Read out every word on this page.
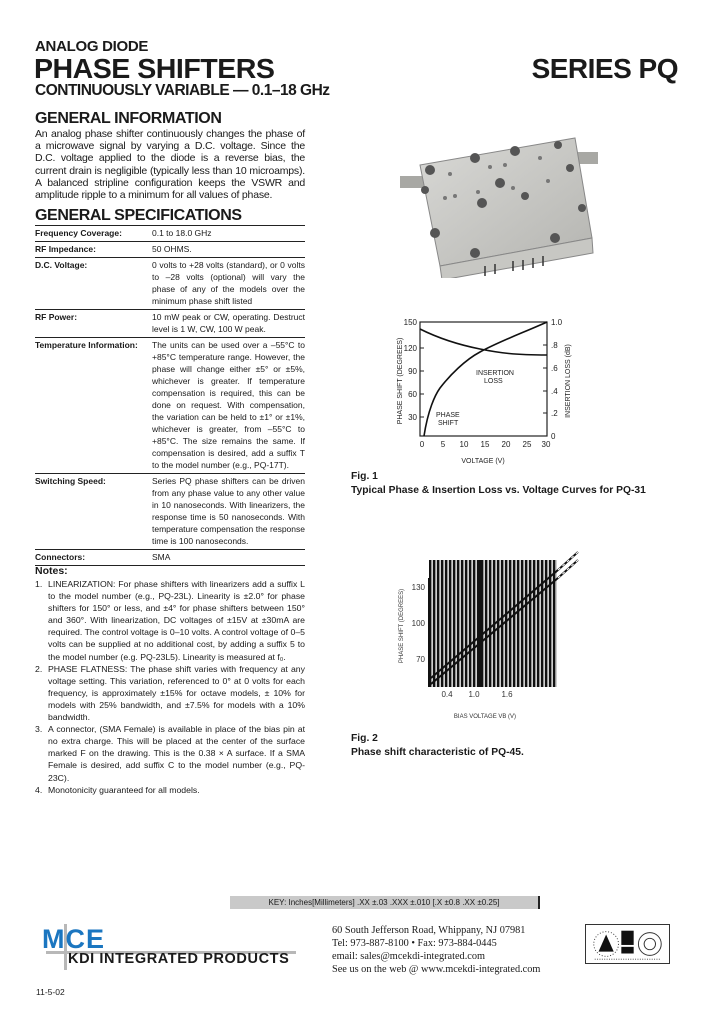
ANALOG DIODE
PHASE SHIFTERS	SERIES PQ
CONTINUOUSLY VARIABLE — 0.1–18 GHz
GENERAL INFORMATION
An analog phase shifter continuously changes the phase of a microwave signal by varying a D.C. voltage. Since the D.C. voltage applied to the diode is a reverse bias, the current drain is negligible (typically less than 10 microamps). A balanced stripline configuration keeps the VSWR and amplitude ripple to a minimum for all values of phase.
GENERAL SPECIFICATIONS
Frequency Coverage:	0.1 to 18.0 GHz
RF Impedance:	50 OHMS.
D.C. Voltage:	0 volts to +28 volts (standard), or 0 volts to –28 volts (optional) will vary the phase of any of the models over the minimum phase shift listed
RF Power:	10 mW peak or CW, operating. Destruct level is 1 W, CW, 100 W peak.
Temperature Information:	The units can be used over a –55°C to +85°C temperature range. However, the phase will change either ±5° or ±5%, whichever is greater. If temperature compensation is required, this can be done on request. With compensation, the variation can be held to ±1° or ±1%, whichever is greater, from –55°C to +85°C. The size remains the same. If compensation is desired, add a suffix T to the model number (e.g., PQ-17T).
Switching Speed:	Series PQ phase shifters can be driven from any phase value to any other value in 10 nanoseconds. With linearizers, the response time is 50 nanoseconds. With temperature compensation the response time is 100 nanoseconds.
Connectors:	SMA
Notes:
1. LINEARIZATION: For phase shifters with linearizers add a suffix L to the model number (e.g., PQ-23L). Linearity is ±2.0° for phase shifters for 150° or less, and ±4° for phase shifters between 150° and 360°. With linearization, DC voltages of ±15V at ±30mA are required. The control voltage is 0–10 volts. A control voltage of 0–5 volts can be supplied at no additional cost, by adding a suffix 5 to the model number (e.g. PQ-23L5). Linearity is measured at f₀.
2. PHASE FLATNESS: The phase shift varies with frequency at any voltage setting. This variation, referenced to 0° at 0 volts for each frequency, is approximately ±15% for octave models, ± 10% for models with 25% bandwidth, and ±7.5% for models with a 10% bandwidth.
3. A connector, (SMA Female) is available in place of the bias pin at no extra charge. This will be placed at the center of the surface marked F on the drawing. This is the 0.38 × A surface. If a SMA Female is desired, add suffix C to the model number (e.g., PQ-23C).
4. Monotonicity guaranteed for all models.
150
120
90
60
30
1.0
.8
.6
.4
.2
0
0 5 10 15 20 25 30
VOLTAGE (V)
PHASE SHIFT (DEGREES)	INSERTION LOSS (dB)
INSERTION
LOSS
PHASE
SHIFT
Fig. 1
Typical Phase & Insertion Loss vs. Voltage Curves for PQ-31
130
100
70
0.4 1.0	1.6
BIAS VOLTAGE VB (V)
PHASE SHIFT (DEGREES)
Fig. 2
Phase shift characteristic of PQ-45.
KEY: Inches[Millimeters] .XX ±.03 .XXX ±.010 [.X ±0.8 .XX ±0.25]
MCE
KDI INTEGRATED PRODUCTS
60 South Jefferson Road, Whippany, NJ 07981
Tel: 973-887-8100 • Fax: 973-884-0445
email: sales@mcekdi-integrated.com
See us on the web @ www.mcekdi-integrated.com
11-5-02
